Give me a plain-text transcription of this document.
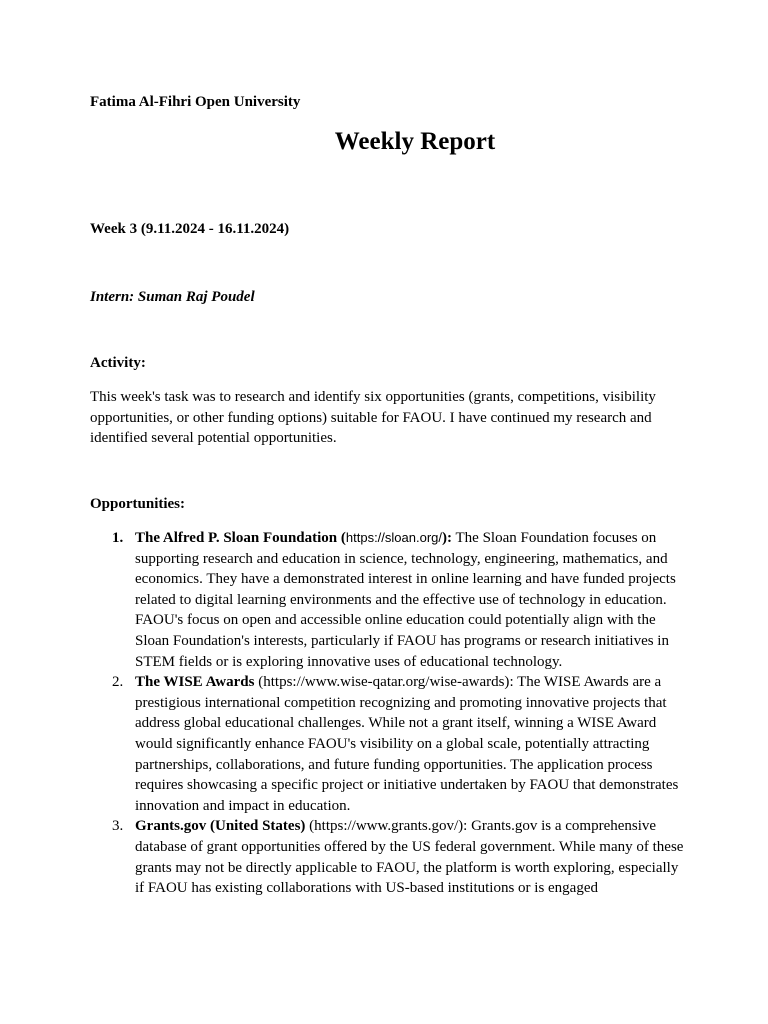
Fatima Al-Fihri Open University
Weekly Report
Week 3 (9.11.2024 - 16.11.2024)
Intern: Suman Raj Poudel
Activity:

This week's task was to research and identify six opportunities (grants, competitions, visibility opportunities, or other funding options) suitable for FAOU. I have continued my research and identified several potential opportunities.

Opportunities:
1. The Alfred P. Sloan Foundation (https://sloan.org/): The Sloan Foundation focuses on supporting research and education in science, technology, engineering, mathematics, and economics. They have a demonstrated interest in online learning and have funded projects related to digital learning environments and the effective use of technology in education. FAOU's focus on open and accessible online education could potentially align with the Sloan Foundation's interests, particularly if FAOU has programs or research initiatives in STEM fields or is exploring innovative uses of educational technology.
2. The WISE Awards (https://www.wise-qatar.org/wise-awards): The WISE Awards are a prestigious international competition recognizing and promoting innovative projects that address global educational challenges. While not a grant itself, winning a WISE Award would significantly enhance FAOU's visibility on a global scale, potentially attracting partnerships, collaborations, and future funding opportunities. The application process requires showcasing a specific project or initiative undertaken by FAOU that demonstrates innovation and impact in education.
3. Grants.gov (United States) (https://www.grants.gov/): Grants.gov is a comprehensive database of grant opportunities offered by the US federal government. While many of these grants may not be directly applicable to FAOU, the platform is worth exploring, especially if FAOU has existing collaborations with US-based institutions or is engaged
